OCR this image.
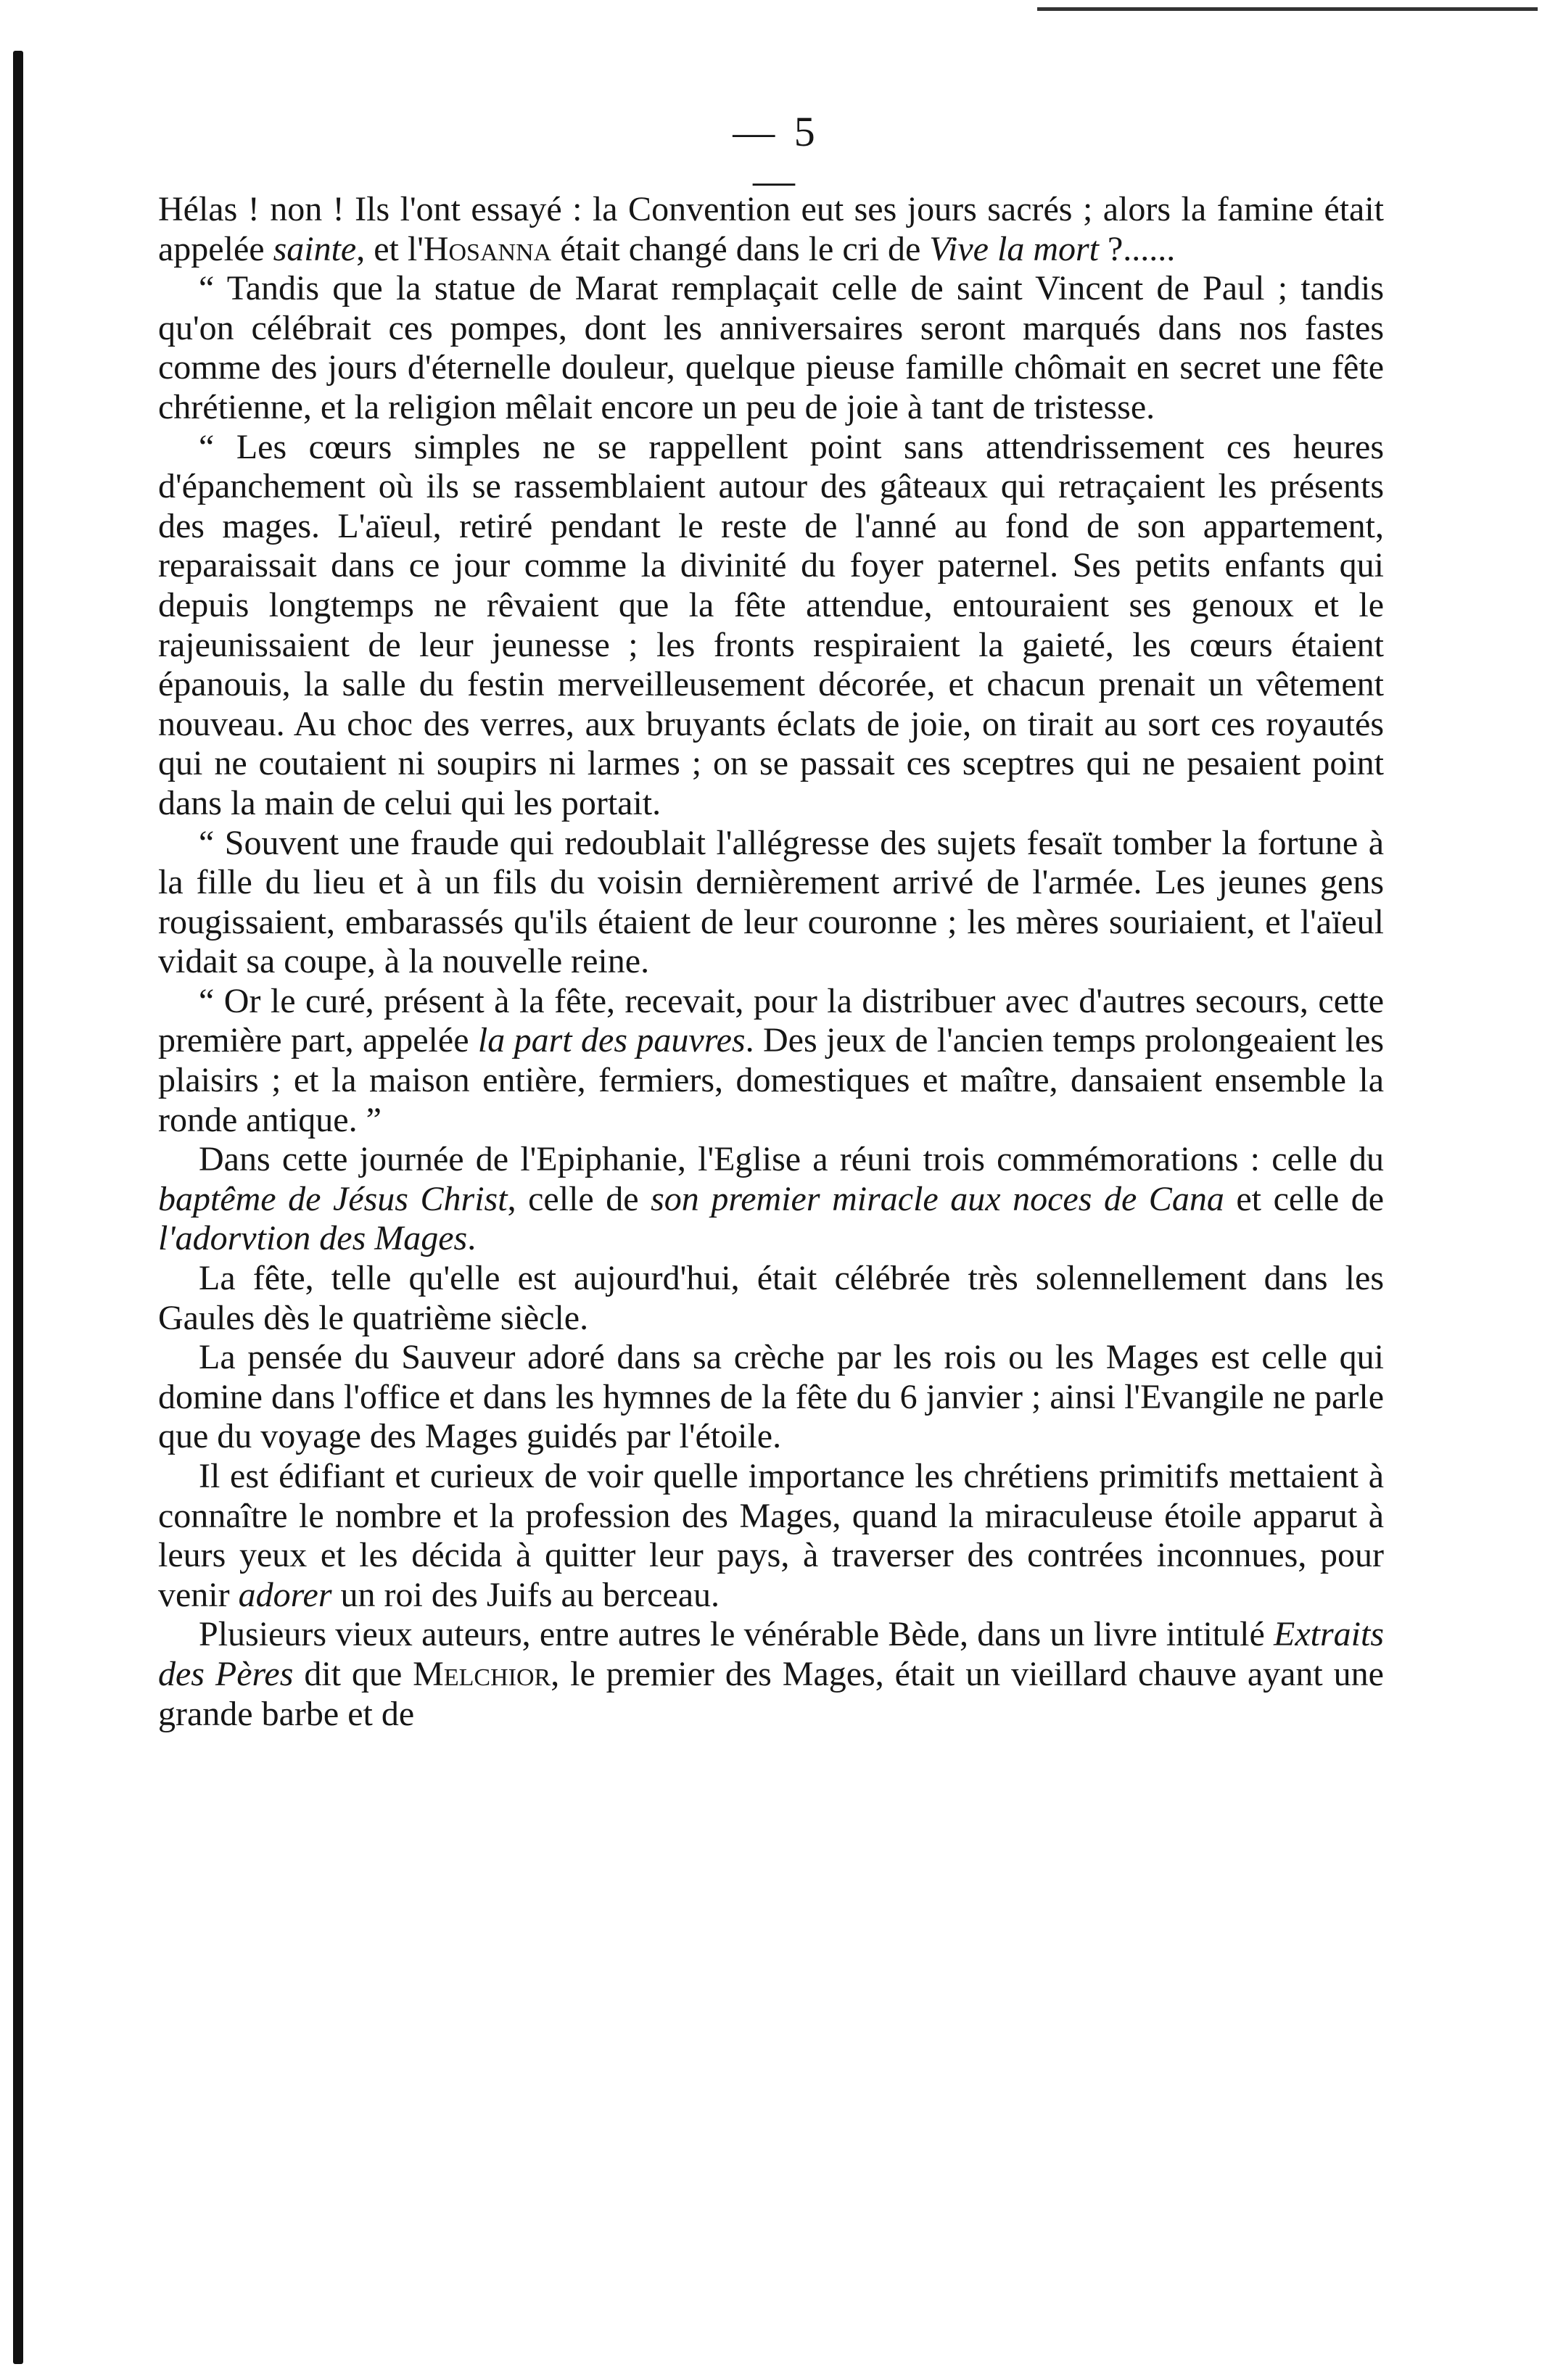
— 5 —

Hélas ! non ! Ils l'ont essayé : la Convention eut ses jours sacrés ; alors la famine était appelée sainte, et l'Hosanna était changé dans le cri de Vive la mort ?......

“ Tandis que la statue de Marat remplaçait celle de saint Vincent de Paul ; tandis qu'on célébrait ces pompes, dont les anniversaires seront marqués dans nos fastes comme des jours d'éternelle douleur, quelque pieuse famille chômait en secret une fête chrétienne, et la religion mêlait encore un peu de joie à tant de tristesse.

“ Les cœurs simples ne se rappellent point sans attendrissement ces heures d'épanchement où ils se rassemblaient autour des gâteaux qui retraçaient les présents des mages. L'aïeul, retiré pendant le reste de l'anné au fond de son appartement, reparaissait dans ce jour comme la divinité du foyer paternel. Ses petits enfants qui depuis longtemps ne rêvaient que la fête attendue, entouraient ses genoux et le rajeunissaient de leur jeunesse ; les fronts respiraient la gaieté, les cœurs étaient épanouis, la salle du festin merveilleusement décorée, et chacun prenait un vêtement nouveau. Au choc des verres, aux bruyants éclats de joie, on tirait au sort ces royautés qui ne coutaient ni soupirs ni larmes ; on se passait ces sceptres qui ne pesaient point dans la main de celui qui les portait.

“ Souvent une fraude qui redoublait l'allégresse des sujets fesaït tomber la fortune à la fille du lieu et à un fils du voisin dernièrement arrivé de l'armée. Les jeunes gens rougissaient, embarassés qu'ils étaient de leur couronne ; les mères souriaient, et l'aïeul vidait sa coupe, à la nouvelle reine.

“ Or le curé, présent à la fête, recevait, pour la distribuer avec d'autres secours, cette première part, appelée la part des pauvres. Des jeux de l'ancien temps prolongeaient les plaisirs ; et la maison entière, fermiers, domestiques et maître, dansaient ensemble la ronde antique. ”

Dans cette journée de l'Epiphanie, l'Eglise a réuni trois commémorations : celle du baptême de Jésus Christ, celle de son premier miracle aux noces de Cana et celle de l'adorvtion des Mages.

La fête, telle qu'elle est aujourd'hui, était célébrée très solennellement dans les Gaules dès le quatrième siècle.

La pensée du Sauveur adoré dans sa crèche par les rois ou les Mages est celle qui domine dans l'office et dans les hymnes de la fête du 6 janvier ; ainsi l'Evangile ne parle que du voyage des Mages guidés par l'étoile.

Il est édifiant et curieux de voir quelle importance les chrétiens primitifs mettaient à connaître le nombre et la profession des Mages, quand la miraculeuse étoile apparut à leurs yeux et les décida à quitter leur pays, à traverser des contrées inconnues, pour venir adorer un roi des Juifs au berceau.

Plusieurs vieux auteurs, entre autres le vénérable Bède, dans un livre intitulé Extraits des Pères dit que Melchior, le premier des Mages, était un vieillard chauve ayant une grande barbe et de
